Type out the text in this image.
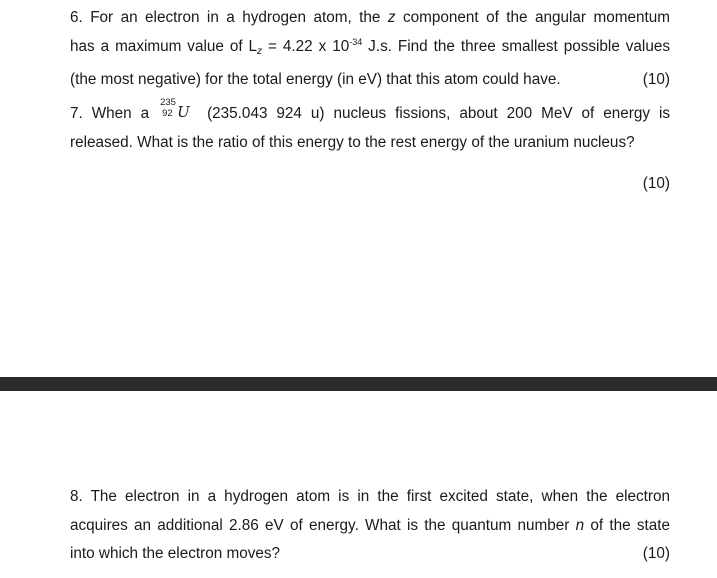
6. For an electron in a hydrogen atom, the z component of the angular momentum
has a maximum value of $L_z = 4.22$ x $10^{-34}$ J.s. Find the three smallest possible values
(the most negative) for the total energy (in eV) that this atom could have.	(10)
7. When a
235
92 U (235.043 924 u) nucleus fissions, about 200 MeV of energy is
released. What is the ratio of this energy to the rest energy of the uranium nucleus?
(10)
8. The electron in a hydrogen atom is in the first excited state, when the electron
acquires an additional 2.86 eV of energy. What is the quantum number n of the state
into which the electron moves?	(10)
